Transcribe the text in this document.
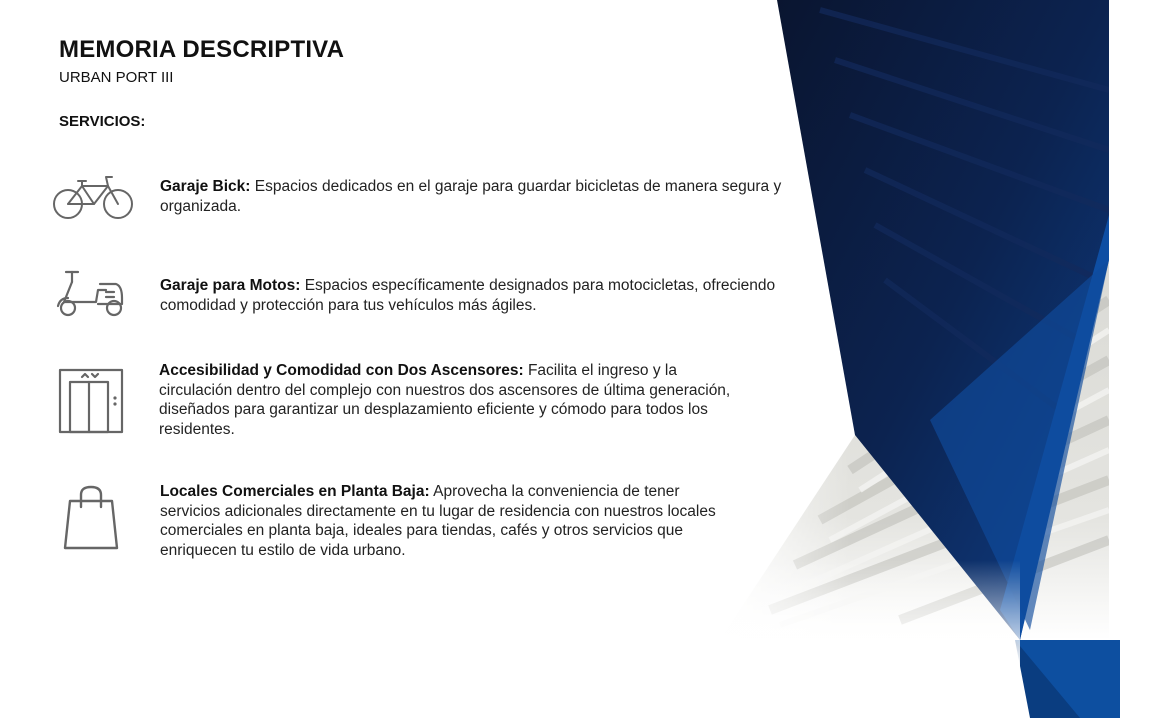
MEMORIA DESCRIPTIVA
URBAN PORT III
SERVICIOS:
Garaje Bick: Espacios dedicados en el garaje para guardar bicicletas de manera segura y organizada.
Garaje para Motos: Espacios específicamente designados para motocicletas, ofreciendo comodidad y protección para tus vehículos más ágiles.
Accesibilidad y Comodidad con Dos Ascensores: Facilita el ingreso y la circulación dentro del complejo con nuestros dos ascensores de última generación, diseñados para garantizar un desplazamiento eficiente y cómodo para todos los residentes.
Locales Comerciales en Planta Baja: Aprovecha la conveniencia de tener servicios adicionales directamente en tu lugar de residencia con nuestros locales comerciales en planta baja, ideales para tiendas, cafés y otros servicios que enriquecen tu estilo de vida urbano.
